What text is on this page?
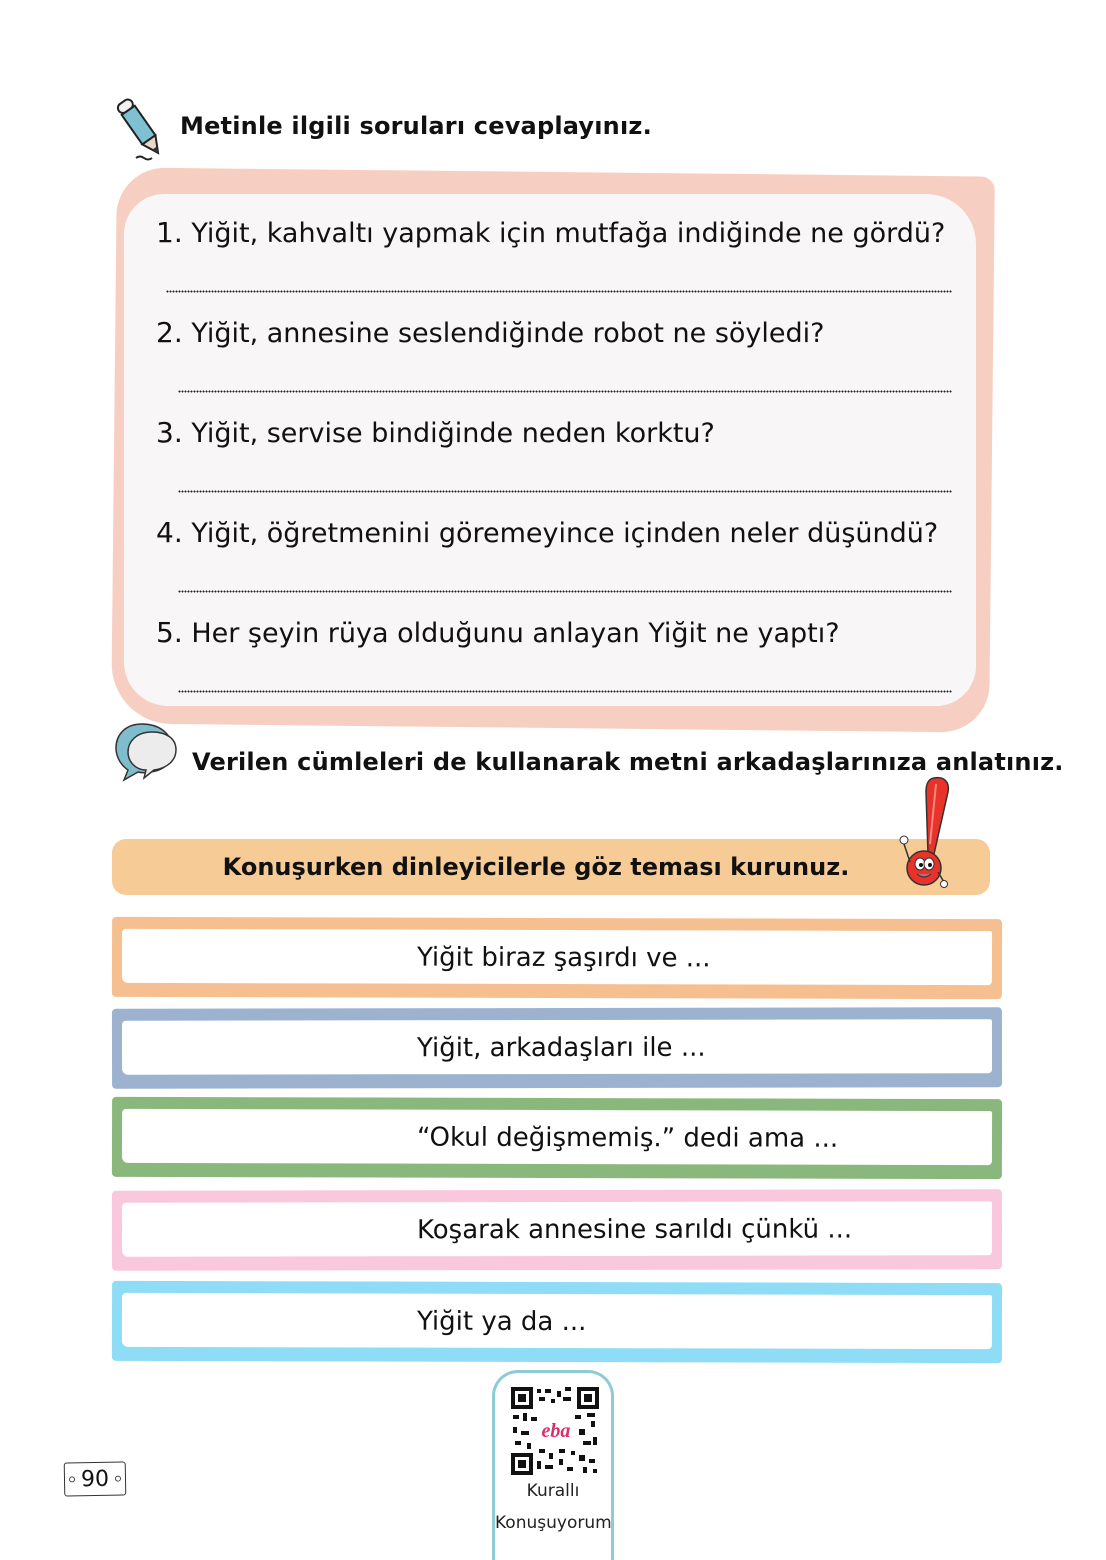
Metinle ilgili soruları cevaplayınız.
1. Yiğit, kahvaltı yapmak için mutfağa indiğinde ne gördü?
2. Yiğit, annesine seslendiğinde robot ne söyledi?
3. Yiğit, servise bindiğinde neden korktu?
4. Yiğit, öğretmenini göremeyince içinden neler düşündü?
5. Her şeyin rüya olduğunu anlayan Yiğit ne yaptı?
Verilen cümleleri de kullanarak metni arkadaşlarınıza anlatınız.
Konuşurken dinleyicilerle göz teması kurunuz.
Yiğit biraz şaşırdı ve ...
Yiğit, arkadaşları ile ...
“Okul değişmemiş.” dedi ama ...
Koşarak annesine sarıldı çünkü ...
Yiğit ya da ...
90
eba
Kurallı
Konuşuyorum
